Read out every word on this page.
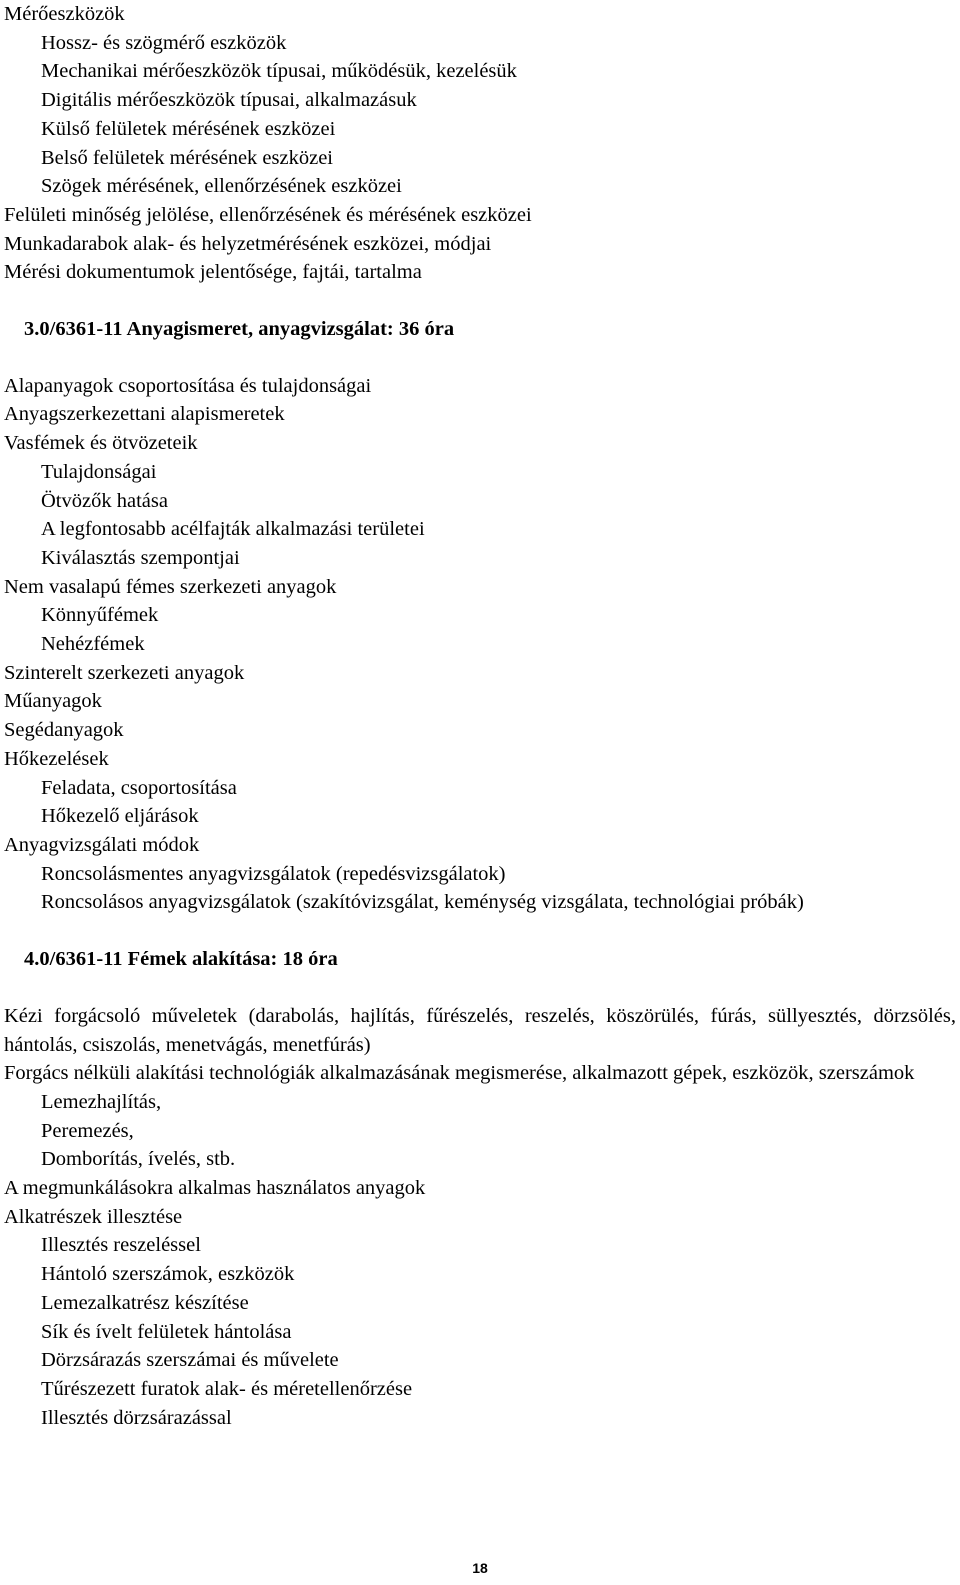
Mérőeszközök
Hossz- és szögmérő eszközök
Mechanikai mérőeszközök típusai, működésük, kezelésük
Digitális mérőeszközök típusai, alkalmazásuk
Külső felületek mérésének eszközei
Belső felületek mérésének eszközei
Szögek mérésének, ellenőrzésének eszközei
Felületi minőség jelölése, ellenőrzésének és mérésének eszközei
Munkadarabok alak- és helyzetmérésének eszközei, módjai
Mérési dokumentumok jelentősége, fajtái, tartalma
3.0/6361-11 Anyagismeret, anyagvizsgálat: 36 óra
Alapanyagok csoportosítása és tulajdonságai
Anyagszerkezettani alapismeretek
Vasfémek és ötvözeteik
Tulajdonságai
Ötvözők hatása
A legfontosabb acélfajták alkalmazási területei
Kiválasztás szempontjai
Nem vasalapú fémes szerkezeti anyagok
Könnyűfémek
Nehézfémek
Szinterelt szerkezeti anyagok
Műanyagok
Segédanyagok
Hőkezelések
Feladata, csoportosítása
Hőkezelő eljárások
Anyagvizsgálati módok
Roncsolásmentes anyagvizsgálatok (repedésvizsgálatok)
Roncsolásos anyagvizsgálatok (szakítóvizsgálat, keménység vizsgálata, technológiai próbák)
4.0/6361-11 Fémek alakítása: 18 óra
Kézi forgácsoló műveletek (darabolás, hajlítás, fűrészelés, reszelés, köszörülés, fúrás, süllyesztés, dörzsölés, hántolás, csiszolás, menetvágás, menetfúrás)
Forgács nélküli alakítási technológiák alkalmazásának megismerése, alkalmazott gépek, eszközök, szerszámok
Lemezhajlítás,
Peremezés,
Domborítás, ívelés, stb.
A megmunkálásokra alkalmas használatos anyagok
Alkatrészek illesztése
Illesztés reszeléssel
Hántoló szerszámok, eszközök
Lemezalkatrész készítése
Sík és ívelt felületek hántolása
Dörzsárazás szerszámai és művelete
Tűrészezett furatok alak- és méretellenőrzése
Illesztés dörzsárazással
18
